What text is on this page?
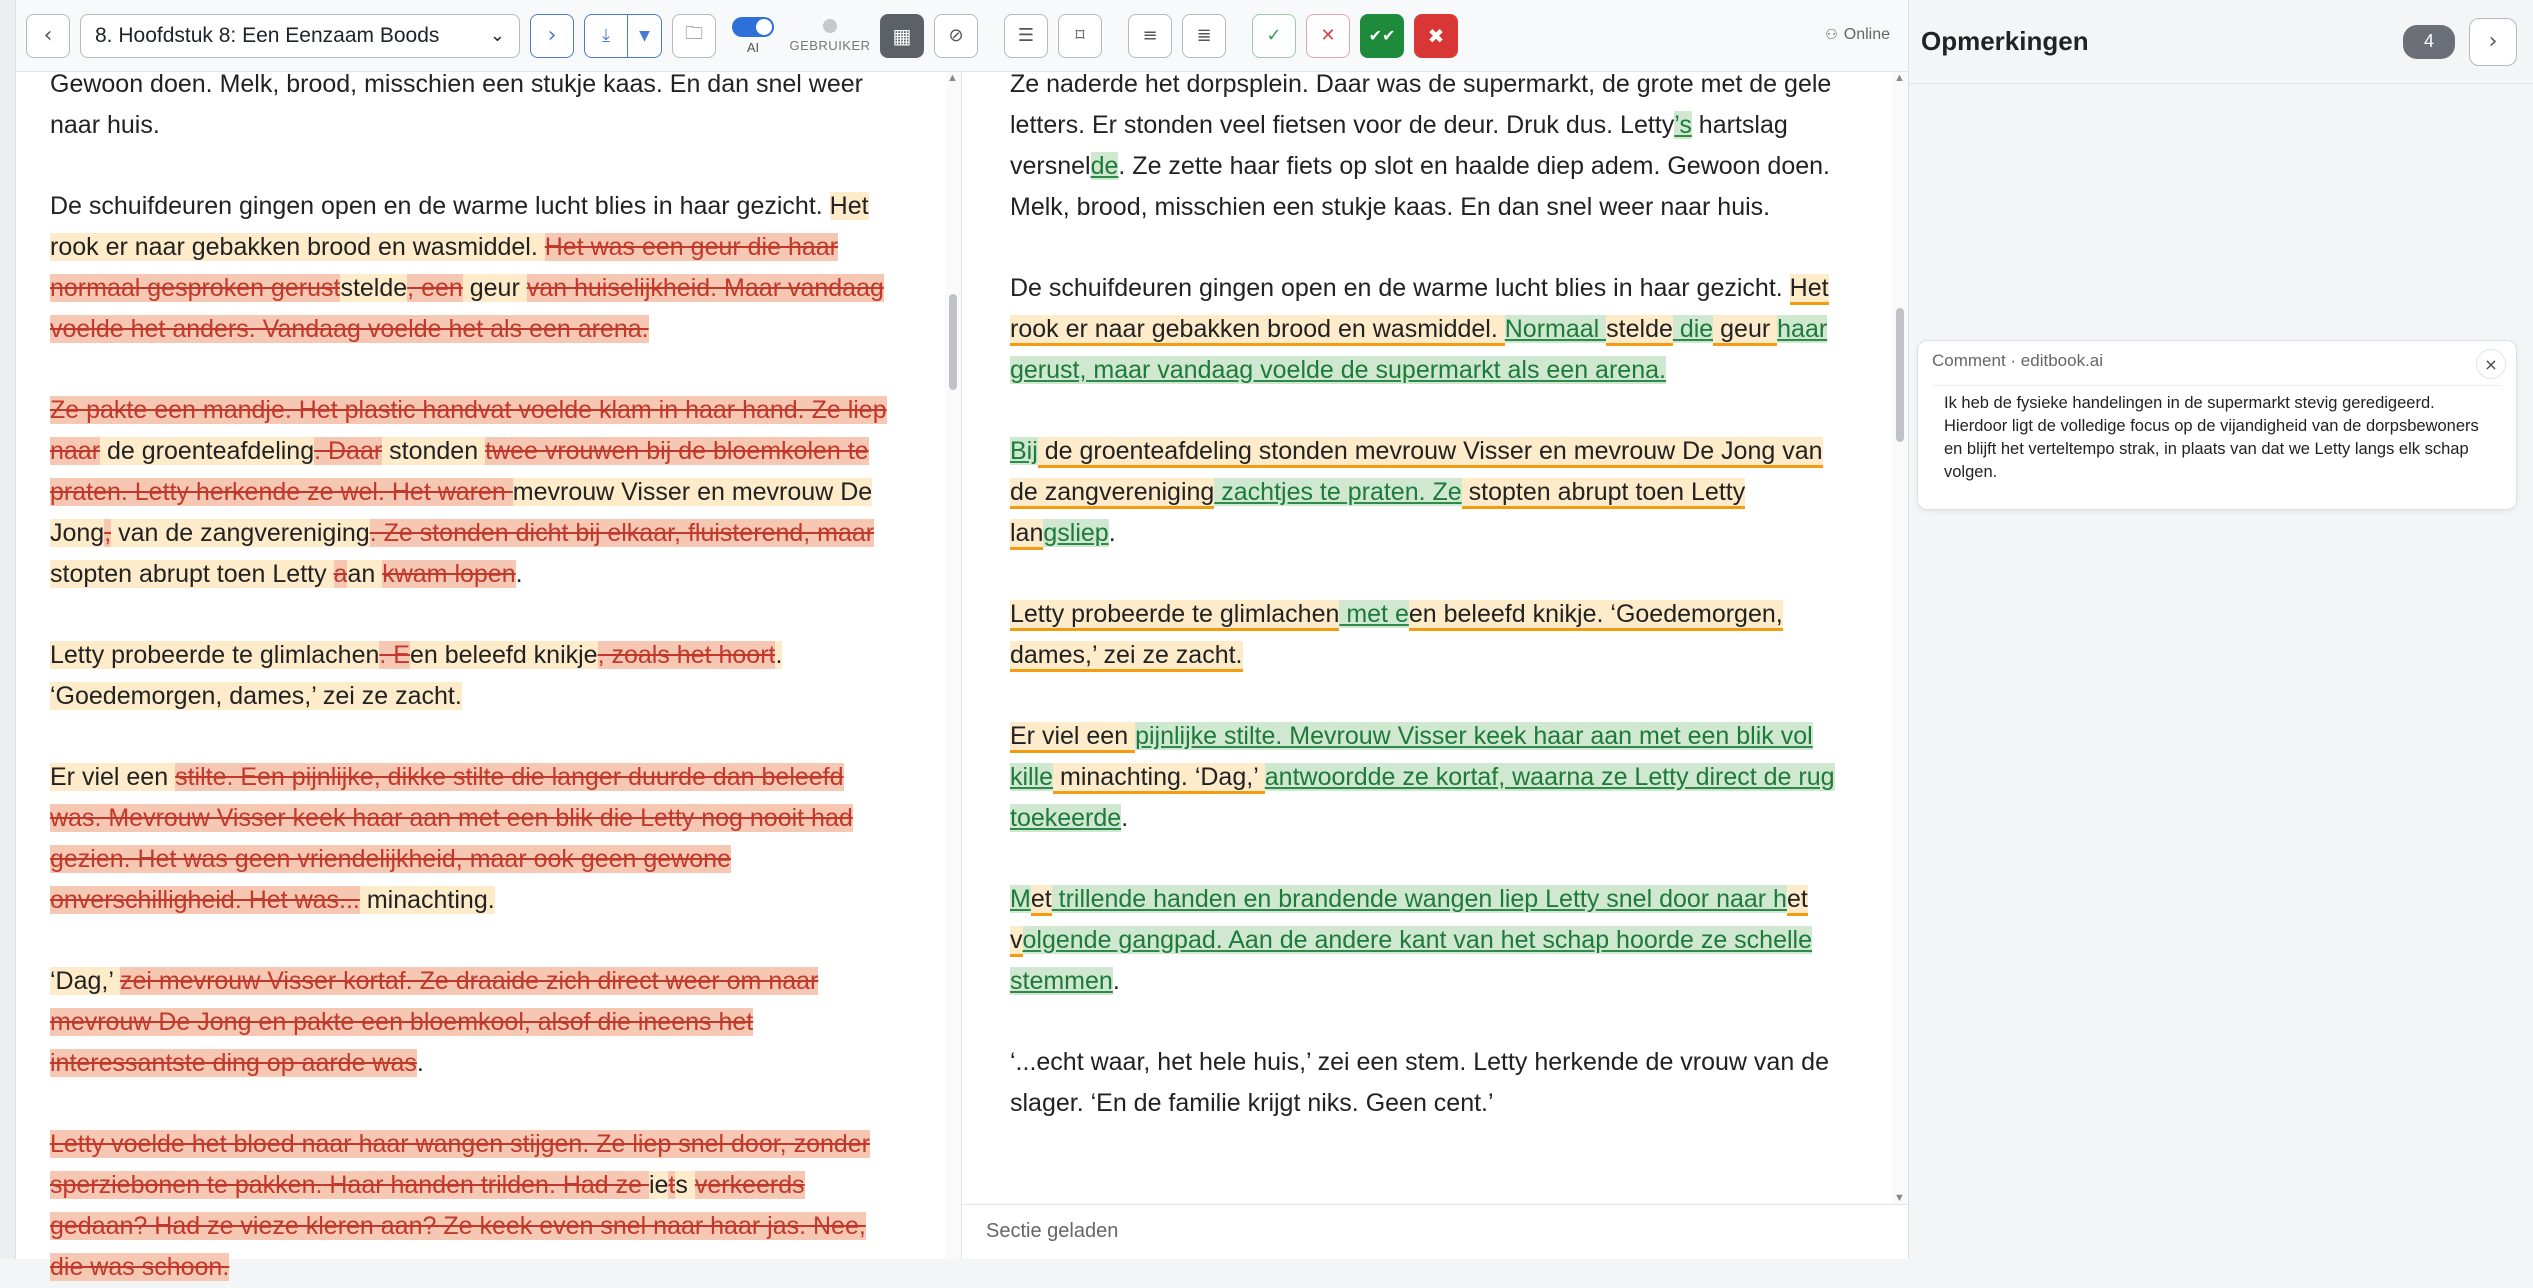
‹ 8. Hoofdstuk 8: Een Eenzaam Boods	⌄ ›	⤓ ▼ 🗀
AI GEBRUIKER ▦ ⊘	☰ ⌑	≡ ≣	✓ ✕ ✔✔ ✖	⚇ Online
Gewoon doen. Melk, brood, misschien een stukje kaas. En dan snel weer naar huis.
De schuifdeuren gingen open en de warme lucht blies in haar gezicht. Het rook er naar gebakken brood en wasmiddel. Het was een geur die haar normaal gesproken geruststelde, een geur van huiselijkheid. Maar vandaag voelde het anders. Vandaag voelde het als een arena.
Ze pakte een mandje. Het plastic handvat voelde klam in haar hand. Ze liep naar de groenteafdeling. Daar stonden twee vrouwen bij de bloemkolen te praten. Letty herkende ze wel. Het waren mevrouw Visser en mevrouw De Jong, van de zangvereniging. Ze stonden dicht bij elkaar, fluisterend, maar stopten abrupt toen Letty aan kwam lopen.
Letty probeerde te glimlachen. Een beleefd knikje, zoals het hoort. ‘Goedemorgen, dames,’ zei ze zacht.
Er viel een stilte. Een pijnlijke, dikke stilte die langer duurde dan beleefd was. Mevrouw Visser keek haar aan met een blik die Letty nog nooit had gezien. Het was geen vriendelijkheid, maar ook geen gewone onverschilligheid. Het was... minachting.
‘Dag,’ zei mevrouw Visser kortaf. Ze draaide zich direct weer om naar mevrouw De Jong en pakte een bloemkool, alsof die ineens het interessantste ding op aarde was.
Letty voelde het bloed naar haar wangen stijgen. Ze liep snel door, zonder sperziebonen te pakken. Haar handen trilden. Had ze iets verkeerds gedaan? Had ze vieze kleren aan? Ze keek even snel naar haar jas. Nee, die was schoon.
▲ Ze naderde het dorpsplein. Daar was de supermarkt, de grote met de gele letters. Er stonden veel fietsen voor de deur. Druk dus. Letty’s hartslag versnelde. Ze zette haar fiets op slot en haalde diep adem. Gewoon doen. Melk, brood, misschien een stukje kaas. En dan snel weer naar huis.
De schuifdeuren gingen open en de warme lucht blies in haar gezicht. Het rook er naar gebakken brood en wasmiddel. Normaal stelde die geur haar gerust, maar vandaag voelde de supermarkt als een arena.
Bij de groenteafdeling stonden mevrouw Visser en mevrouw De Jong van de zangvereniging zachtjes te praten. Ze stopten abrupt toen Letty langsliep.
Letty probeerde te glimlachen met een beleefd knikje. ‘Goedemorgen, dames,’ zei ze zacht.
Er viel een pijnlijke stilte. Mevrouw Visser keek haar aan met een blik vol kille minachting. ‘Dag,’ antwoordde ze kortaf, waarna ze Letty direct de rug toekeerde.
Met trillende handen en brandende wangen liep Letty snel door naar het volgende gangpad. Aan de andere kant van het schap hoorde ze schelle stemmen.
‘...echt waar, het hele huis,’ zei een stem. Letty herkende de vrouw van de slager. ‘En de familie krijgt niks. Geen cent.’
▲
▼
Sectie geladen
Opmerkingen	4	›
Comment · editbook.ai	×
Ik heb de fysieke handelingen in de supermarkt stevig geredigeerd. Hierdoor ligt de volledige focus op de vijandigheid van de dorpsbewoners en blijft het verteltempo strak, in plaats van dat we Letty langs elk schap volgen.
